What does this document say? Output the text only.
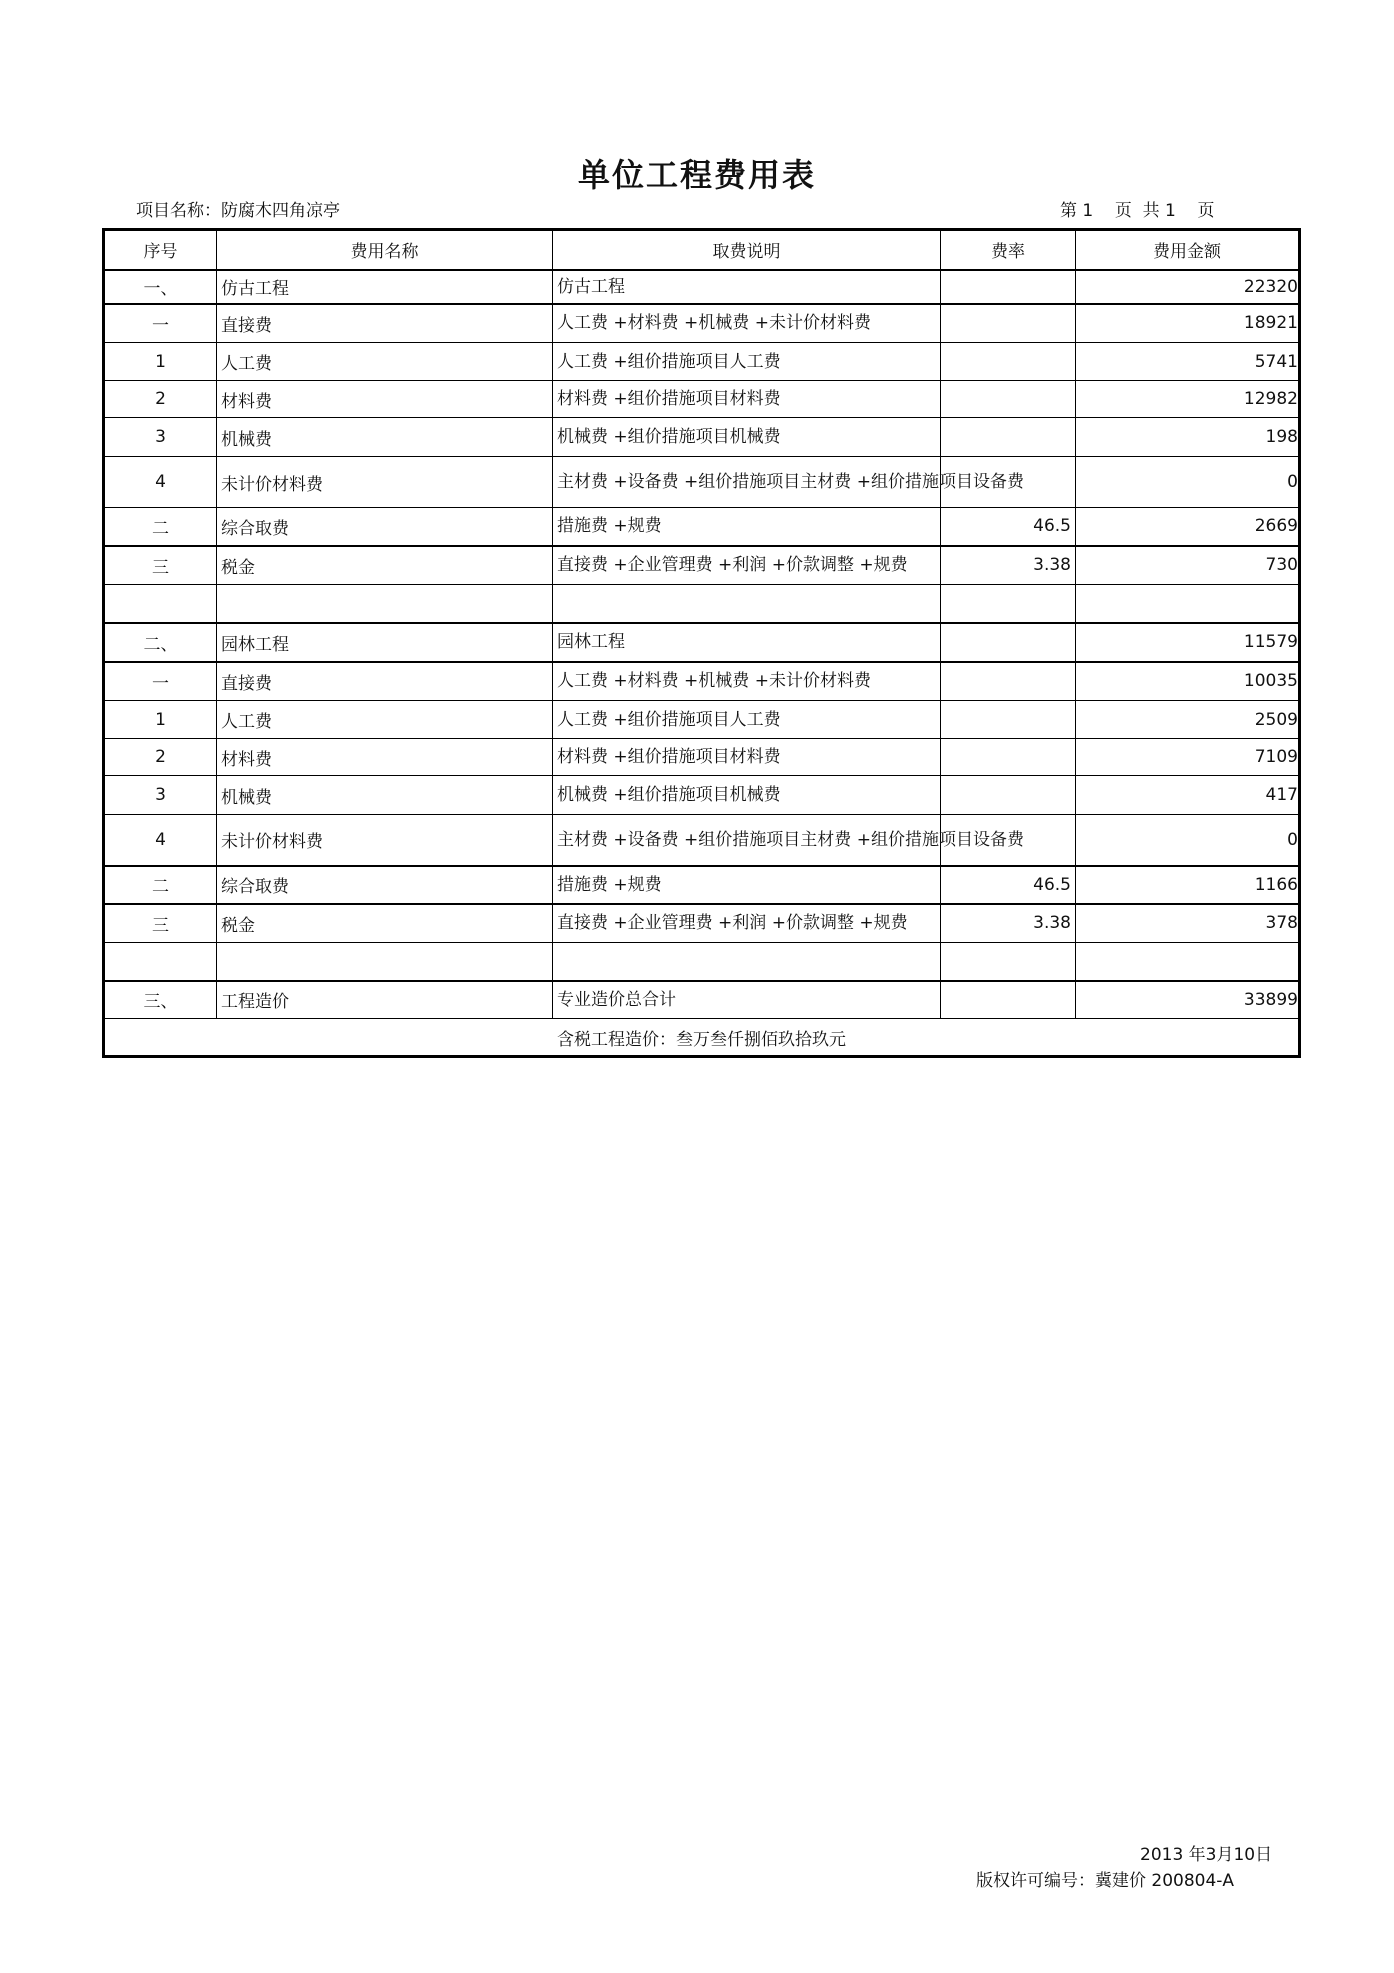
单位工程费用表
项目名称：防腐木四角凉亭	第 1    页  共 1    页
序号	费用名称	取费说明	费率	费用金额
一、	仿古工程	仿古工程		22320
一	直接费	人工费 +材料费 +机械费 +未计价材料费		18921
1	人工费	人工费 +组价措施项目人工费		5741
2	材料费	材料费 +组价措施项目材料费		12982
3	机械费	机械费 +组价措施项目机械费		198
4	未计价材料费	主材费 +设备费 +组价措施项目主材费 +组价措施项目设备费		0
二	综合取费	措施费 +规费	46.5	2669
三	税金	直接费 +企业管理费 +利润 +价款调整 +规费	3.38	730

二、	园林工程	园林工程		11579
一	直接费	人工费 +材料费 +机械费 +未计价材料费		10035
1	人工费	人工费 +组价措施项目人工费		2509
2	材料费	材料费 +组价措施项目材料费		7109
3	机械费	机械费 +组价措施项目机械费		417
4	未计价材料费	主材费 +设备费 +组价措施项目主材费 +组价措施项目设备费		0
二	综合取费	措施费 +规费	46.5	1166
三	税金	直接费 +企业管理费 +利润 +价款调整 +规费	3.38	378

三、	工程造价	专业造价总合计		33899
含税工程造价：叁万叁仟捌佰玖拾玖元				
2013 年3月10日
版权许可编号：冀建价 200804-A
